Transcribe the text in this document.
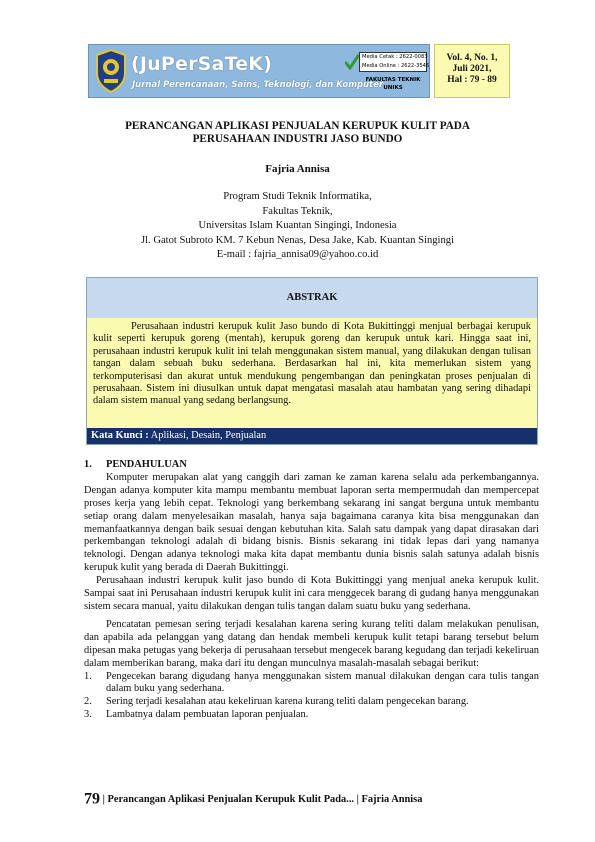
(JuPerSaTeK)
Jurnal Perencanaan, Sains, Teknologi, dan Komputer
Media Cetak : 2622-0083
Media Online : 2622-3546
FAKULTAS TEKNIK
UNIKS
Vol. 4, No. 1,
Juli 2021,
Hal : 79 - 89
PERANCANGAN APLIKASI PENJUALAN KERUPUK KULIT PADA
PERUSAHAAN INDUSTRI JASO BUNDO
Fajria Annisa
Program Studi Teknik Informatika,
Fakultas Teknik,
Universitas Islam Kuantan Singingi, Indonesia
Jl. Gatot Subroto KM. 7 Kebun Nenas, Desa Jake, Kab. Kuantan Singingi
E-mail : fajria_annisa09@yahoo.co.id
ABSTRAK

Perusahaan industri kerupuk kulit Jaso bundo di Kota Bukittinggi menjual berbagai kerupuk kulit seperti kerupuk goreng (mentah), kerupuk goreng dan kerupuk untuk kari. Hingga saat ini, perusahaan industri kerupuk kulit ini telah menggunakan sistem manual, yang dilakukan dengan tulisan tangan dalam sebuah buku sederhana. Berdasarkan hal ini, kita memerlukan sistem yang terkomputerisasi dan akurat untuk mendukung pengembangan dan peningkatan proses penjualan di perusahaan. Sistem ini diusulkan untuk dapat mengatasi masalah atau hambatan yang sering dihadapi dalam sistem manual yang sedang berlangsung.

Kata Kunci : Aplikasi, Desain, Penjualan
1. PENDAHULUAN

Komputer merupakan alat yang canggih dari zaman ke zaman karena selalu ada perkembangannya. Dengan adanya komputer kita mampu membantu membuat laporan serta mempermudah dan mempercepat proses kerja yang lebih cepat. Teknologi yang berkembang sekarang ini sangat berguna untuk membantu setiap orang dalam menyelesaikan masalah, hanya saja bagaimana caranya kita bisa menggunakan dan memanfaatkannya dengan baik sesuai dengan kebutuhan kita. Salah satu dampak yang dapat dirasakan dari perkembangan teknologi adalah di bidang bisnis. Bisnis sekarang ini tidak lepas dari yang namanya teknologi. Dengan adanya teknologi maka kita dapat membantu dunia bisnis salah satunya adalah bisnis kerupuk kulit yang berada di Daerah Bukittinggi.

Perusahaan industri kerupuk kulit jaso bundo di Kota Bukittinggi yang menjual aneka kerupuk kulit. Sampai saat ini Perusahaan industri kerupuk kulit ini cara menggecek barang di gudang hanya menggunakan sistem secara manual, yaitu dilakukan dengan tulis tangan dalam suatu buku yang sederhana.

Pencatatan pemesan sering terjadi kesalahan karena sering kurang teliti dalam melakukan penulisan, dan apabila ada pelanggan yang datang dan hendak membeli kerupuk kulit tetapi barang tersebut belum dipesan maka petugas yang bekerja di perusahaan tersebut mengecek barang kegudang dan terjadi kekeliruan dalam memberikan barang, maka dari itu dengan munculnya masalah-masalah sebagai berikut:

1. Pengecekan barang digudang hanya menggunakan sistem manual dilakukan dengan cara tulis tangan dalam buku yang sederhana.
2. Sering terjadi kesalahan atau kekeliruan karena kurang teliti dalam pengecekan barang.
3. Lambatnya dalam pembuatan laporan penjualan.
79 | Perancangan Aplikasi Penjualan Kerupuk Kulit Pada... | Fajria Annisa
